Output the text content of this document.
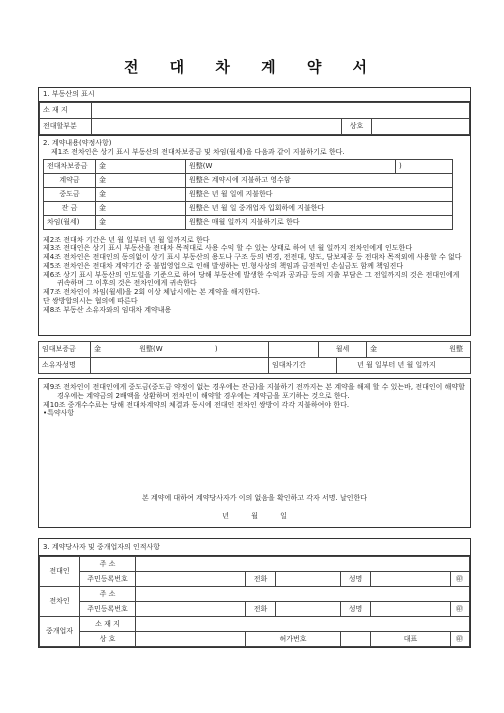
전 대 차 계 약 서
1. 부동산의 표시
소 재 지			
전대할부분		상호	
2. 계약내용(약정사항)
제1조 전차인은 상기 표시 부동산의 전대차보증금 및 차임(월세)을 다음과 같이 지불하기로 한다.
전대차보증금	金	원整(W	)
계약금	金	원整은 계약시에 지불하고 영수함	
중도금	金	원整은 년 월 일에 지불한다	
잔 금	金	원整은 년 월 일 중개업자 입회하에 지불한다	
차임(월세)	金	원整은 매월 일까지 지불하기로 한다	
제2조 전대차 기간은 년 월 일부터 년 월 일까지로 한다
제3조 전대인은 상기 표시 부동산을 전대차 목적대로 사용 수익 할 수 있는 상태로 하여 년 월 일까지 전차인에게 인도한다
제4조 전차인은 전대인의 동의없이 상기 표시 부동산의 용도나 구조 등의 변경, 전전대, 양도, 담보제공 등 전대차 목적외에 사용할 수 없다
제5조 전차인은 전대차 계약기간 중 불법영업으로 인해 발생하는 민.형사상의 책임과 금전적인 손실금도 함께 책임진다
제6조 상기 표시 부동산의 인도일을 기준으로 하여 당해 부동산에 발생한 수익과 공과금 등의 지출 부담은 그 전일까지의 것은 전대인에게 귀속하며 그 이후의 것은 전차인에게 귀속한다
제7조 전차인이 차임(월세)을 2회 이상 체납시에는 본 계약을 해지한다.
단 쌍방합의시는 협의에 따른다
제8조 부동산 소유자와의 임대차 계약내용
임대보증금	金 원整(W )		월세		金 원整
소유자성명		임대차기간		년 월 일부터 년 월 일까지	
제9조 전차인이 전대인에게 중도금(중도금 약정이 없는 경우에는 잔금)을 지불하기 전까지는 본 계약을 해제 할 수 있는바, 전대인이 해약할 경우에는 계약금의 2배액을 상환하며 전차인이 해약할 경우에는 계약금을 포기하는 것으로 한다.
제10조 중개수수료는 당해 전대차계약의 체결과 동시에 전대인 전차인 쌍방이 각각 지불하여야 한다.
•특약사항
본 계약에 대하여 계약당사자가 이의 없음을 확인하고 각자 서명. 날인한다
년          월          일
3. 계약당사자 및 중개업자의 인적사항
전대인	주 소						
	주민등록번호		전화		성명		㊞
전차인	주 소						
	주민등록번호		전화		성명		㊞
중개업자	소 재 지						
	상 호		허가번호			대표	㊞
